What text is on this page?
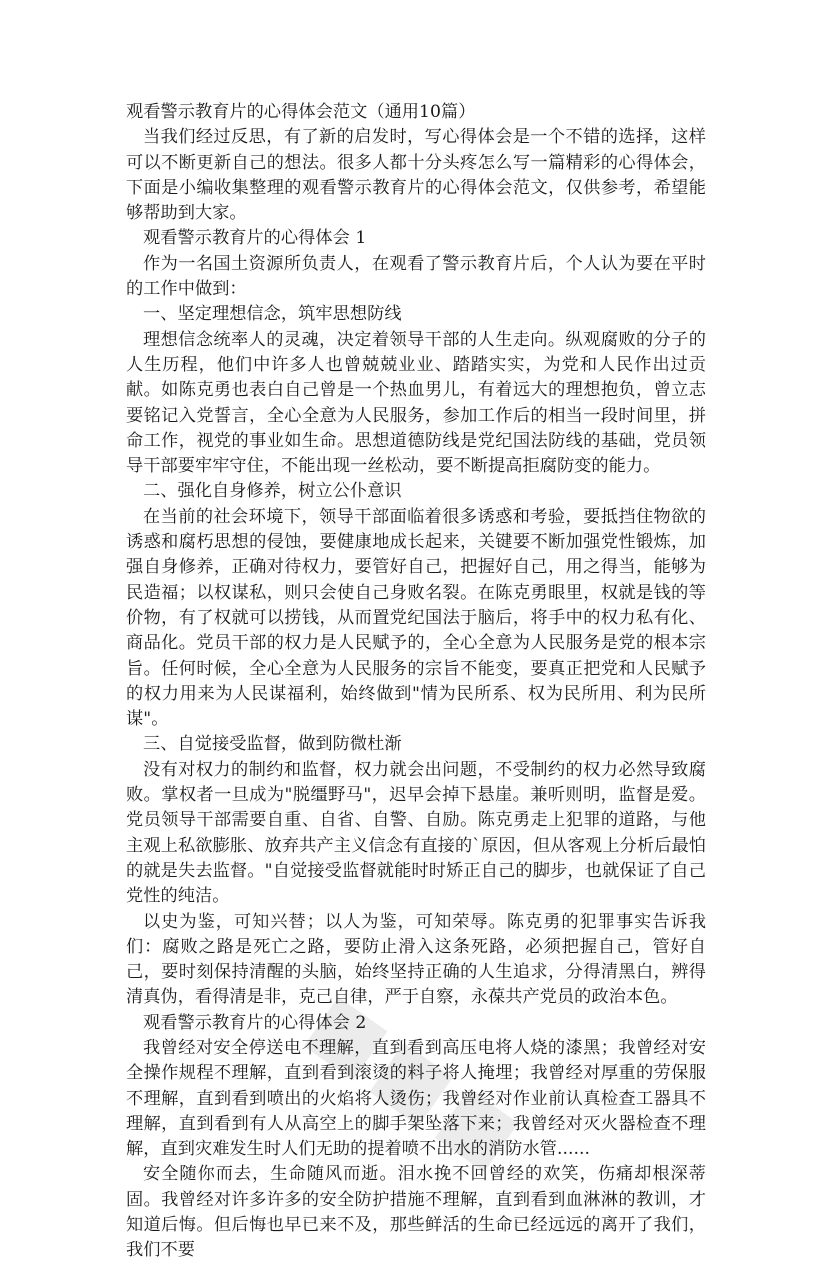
观看警示教育片的心得体会范文（通用10篇）

当我们经过反思，有了新的启发时，写心得体会是一个不错的选择，这样可以不断更新自己的想法。很多人都十分头疼怎么写一篇精彩的心得体会，下面是小编收集整理的观看警示教育片的心得体会范文，仅供参考，希望能够帮助到大家。

观看警示教育片的心得体会 1

作为一名国土资源所负责人，在观看了警示教育片后，个人认为要在平时的工作中做到：

一、坚定理想信念，筑牢思想防线

理想信念统率人的灵魂，决定着领导干部的人生走向。纵观腐败的分子的人生历程，他们中许多人也曾兢兢业业、踏踏实实，为党和人民作出过贡献。如陈克勇也表白自己曾是一个热血男儿，有着远大的理想抱负，曾立志要铭记入党誓言，全心全意为人民服务，参加工作后的相当一段时间里，拼命工作，视党的事业如生命。思想道德防线是党纪国法防线的基础，党员领导干部要牢牢守住，不能出现一丝松动，要不断提高拒腐防变的能力。

二、强化自身修养，树立公仆意识

在当前的社会环境下，领导干部面临着很多诱惑和考验，要抵挡住物欲的诱惑和腐朽思想的侵蚀，要健康地成长起来，关键要不断加强党性锻炼，加强自身修养，正确对待权力，要管好自己，把握好自己，用之得当，能够为民造福；以权谋私，则只会使自己身败名裂。在陈克勇眼里，权就是钱的等价物，有了权就可以捞钱，从而置党纪国法于脑后，将手中的权力私有化、商品化。党员干部的权力是人民赋予的，全心全意为人民服务是党的根本宗旨。任何时候，全心全意为人民服务的宗旨不能变，要真正把党和人民赋予的权力用来为人民谋福利，始终做到"情为民所系、权为民所用、利为民所谋"。

三、自觉接受监督，做到防微杜渐

没有对权力的制约和监督，权力就会出问题，不受制约的权力必然导致腐败。掌权者一旦成为"脱缰野马"，迟早会掉下悬崖。兼听则明，监督是爱。党员领导干部需要自重、自省、自警、自励。陈克勇走上犯罪的道路，与他主观上私欲膨胀、放弃共产主义信念有直接的`原因，但从客观上分析后最怕的就是失去监督。"自觉接受监督就能时时矫正自己的脚步，也就保证了自己党性的纯洁。

以史为鉴，可知兴替；以人为鉴，可知荣辱。陈克勇的犯罪事实告诉我们：腐败之路是死亡之路，要防止滑入这条死路，必须把握自己，管好自己，要时刻保持清醒的头脑，始终坚持正确的人生追求，分得清黑白，辨得清真伪，看得清是非，克己自律，严于自察，永葆共产党员的政治本色。

观看警示教育片的心得体会 2

我曾经对安全停送电不理解，直到看到高压电将人烧的漆黑；我曾经对安全操作规程不理解，直到看到滚烫的料子将人掩埋；我曾经对厚重的劳保服不理解，直到看到喷出的火焰将人烫伤；我曾经对作业前认真检查工器具不理解，直到看到有人从高空上的脚手架坠落下来；我曾经对灭火器检查不理解，直到灾难发生时人们无助的提着喷不出水的消防水管......

安全随你而去，生命随风而逝。泪水挽不回曾经的欢笑，伤痛却根深蒂固。我曾经对许多许多的安全防护措施不理解，直到看到血淋淋的教训，才知道后悔。但后悔也早已来不及，那些鲜活的生命已经远远的离开了我们，我们不要
